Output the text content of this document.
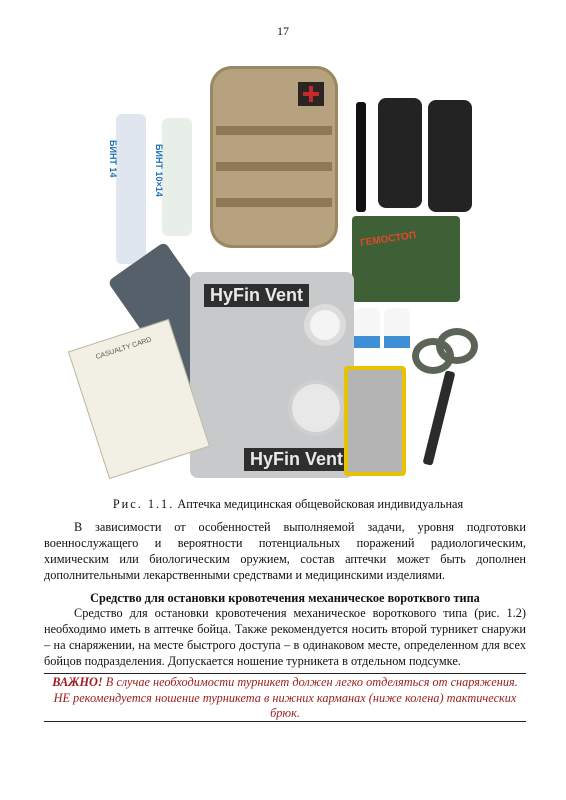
17
БИНТ 14	БИНТ 10×14
ГЕМОСТОП
HyFin Vent
HyFin Vent
CASUALTY CARD
Рис. 1.1. Аптечка медицинская общевойсковая индивидуальная

В зависимости от особенностей выполняемой задачи, уровня подготовки военнослужащего и вероятности потенциальных поражений радиологическим, химическим или биологическим оружием, состав аптечки может быть дополнен дополнительными лекарственными средствами и медицинскими изделиями.

Средство для остановки кровотечения механическое воротквого типа

Средство для остановки кровотечения механическое вороткового типа (рис. 1.2) необходимо иметь в аптечке бойца. Также рекомендуется носить второй турникет снаружи – на снаряжении, на месте быстрого доступа – в одинаковом месте, определенном для всех бойцов подразделения. Допускается ношение турникета в отдельном подсумке.

ВАЖНО! В случае необходимости турникет должен легко отделяться от снаряжения. НЕ рекомендуется ношение турникета в нижних карманах (ниже колена) тактических брюк.
